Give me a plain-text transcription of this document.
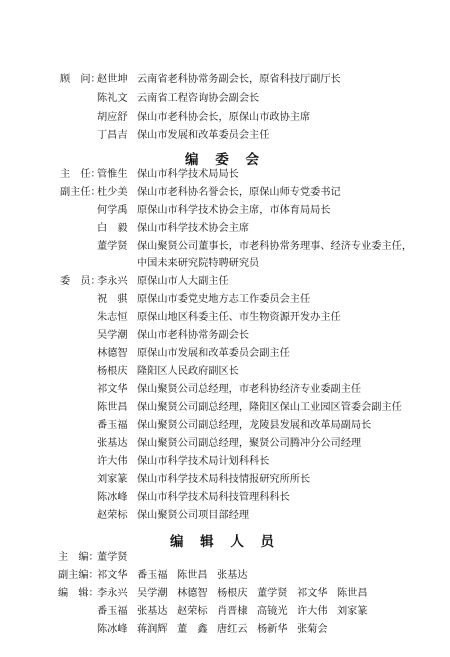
顾　问：
赵世坤 云南省老科协常务副会长，原省科技厅副厅长
陈礼文 云南省工程咨询协会副会长
胡应舒 保山市老科协会长，原保山市政协主席
丁昌吉 保山市发展和改革委员会主任
编 委 会
主　任：
管惟生 保山市科学技术局局长
副主任：
杜少美 保山市老科协名誉会长，原保山师专党委书记
何学禹 原保山市科学技术协会主席，市体育局局长
白　毅 保山市科学技术协会主席
董学贤 保山聚贤公司董事长，市老科协常务理事、经济专业委主任，
中国未来研究院特聘研究员
委　员：
李永兴 原保山市人大副主任
祝　骐 原保山市委党史地方志工作委员会主任
朱志恒 原保山地区科委主任、市生物资源开发办主任
吴学潮 保山市老科协常务副会长
林德智 原保山市发展和改革委员会副主任
杨根庆 隆阳区人民政府副区长
祁文华 保山聚贤公司总经理，市老科协经济专业委副主任
陈世昌 保山聚贤公司副总经理，隆阳区保山工业园区管委会副主任
番玉福 保山聚贤公司副总经理，龙陵县发展和改革局副局长
张基达 保山聚贤公司副总经理，聚贤公司腾冲分公司经理
许大伟 保山市科学技术局计划科科长
刘家篆 保山市科学技术局科技情报研究所所长
陈冰峰 保山市科学技术局科技管理科科长
赵荣标 保山聚贤公司项目部经理
编 辑 人 员
主　编：
董学贤
副主编：
祁文华 番玉福 陈世昌 张基达
编　辑：
李永兴 吴学潮 林德智 杨根庆 董学贤 祁文华 陈世昌
番玉福 张基达 赵荣标 肖晋棣 高镜光 许大伟 刘家篆
陈冰峰 蒋润辉 董　鑫 唐红云 杨新华 张菊会
